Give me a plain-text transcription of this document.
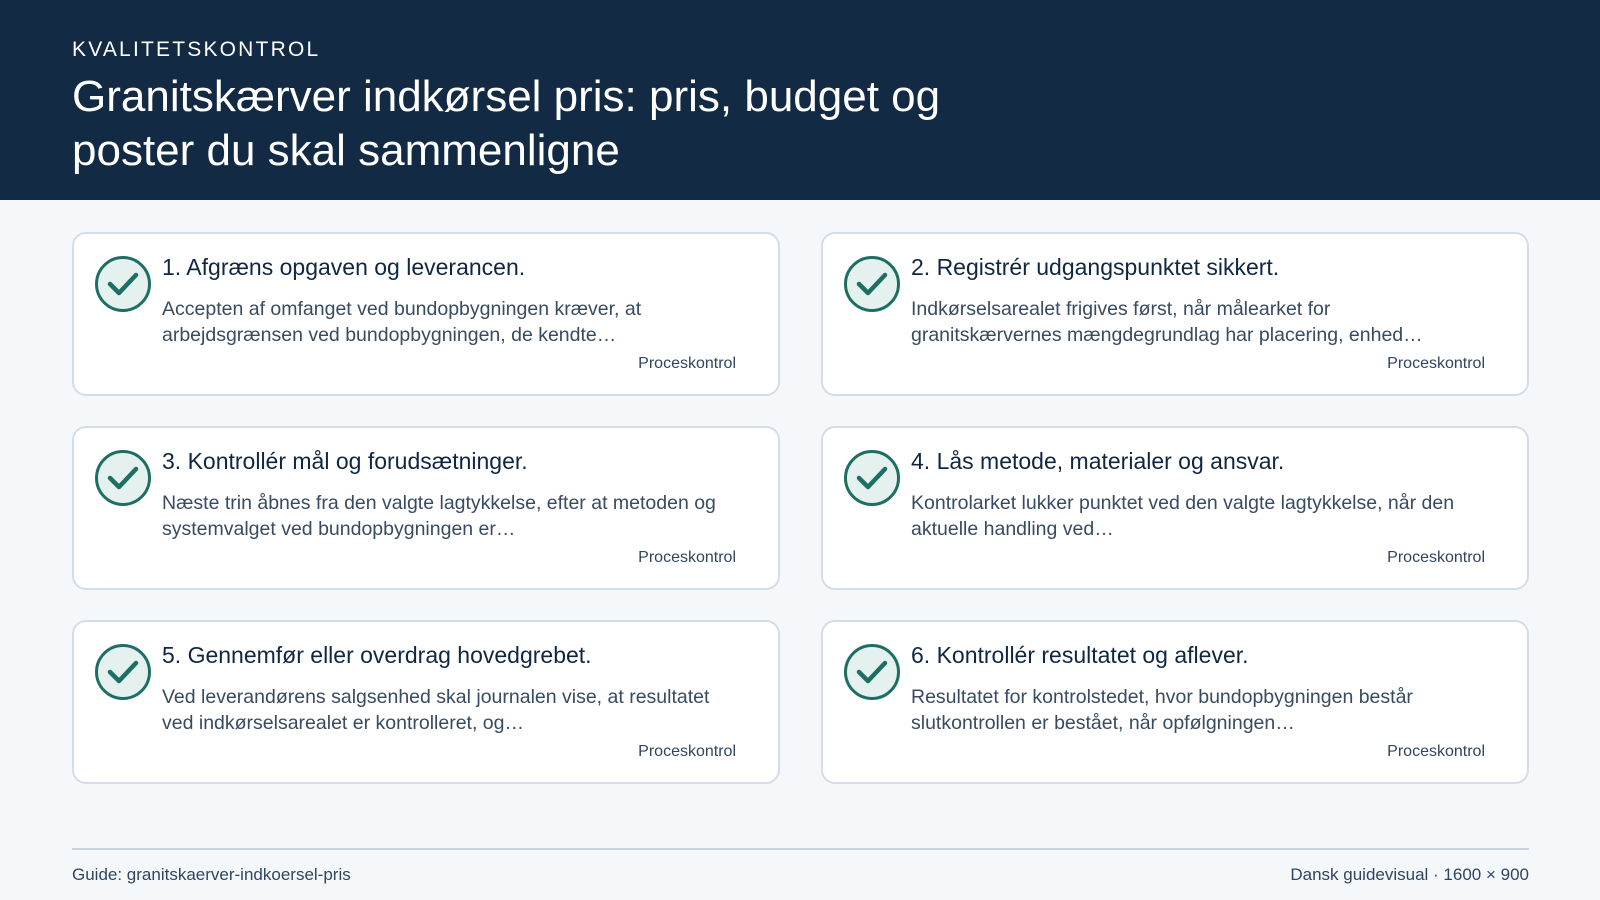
KVALITETSKONTROL
Granitskærver indkørsel pris: pris, budget og poster du skal sammenligne
1. Afgræns opgaven og leverancen.
Accepten af omfanget ved bundopbygningen kræver, at arbejdsgrænsen ved bundopbygningen, de kendte…
Proceskontrol
2. Registrér udgangspunktet sikkert.
Indkørselsarealet frigives først, når målearket for granitskærvernes mængdegrundlag har placering, enhed…
Proceskontrol
3. Kontrollér mål og forudsætninger.
Næste trin åbnes fra den valgte lagtykkelse, efter at metoden og systemvalget ved bundopbygningen er…
Proceskontrol
4. Lås metode, materialer og ansvar.
Kontrolarket lukker punktet ved den valgte lagtykkelse, når den aktuelle handling ved…
Proceskontrol
5. Gennemfør eller overdrag hovedgrebet.
Ved leverandørens salgsenhed skal journalen vise, at resultatet ved indkørselsarealet er kontrolleret, og…
Proceskontrol
6. Kontrollér resultatet og aflever.
Resultatet for kontrolstedet, hvor bundopbygningen består slutkontrollen er bestået, når opfølgningen…
Proceskontrol
Guide: granitskaerver-indkoersel-pris	Dansk guidevisual · 1600 × 900
